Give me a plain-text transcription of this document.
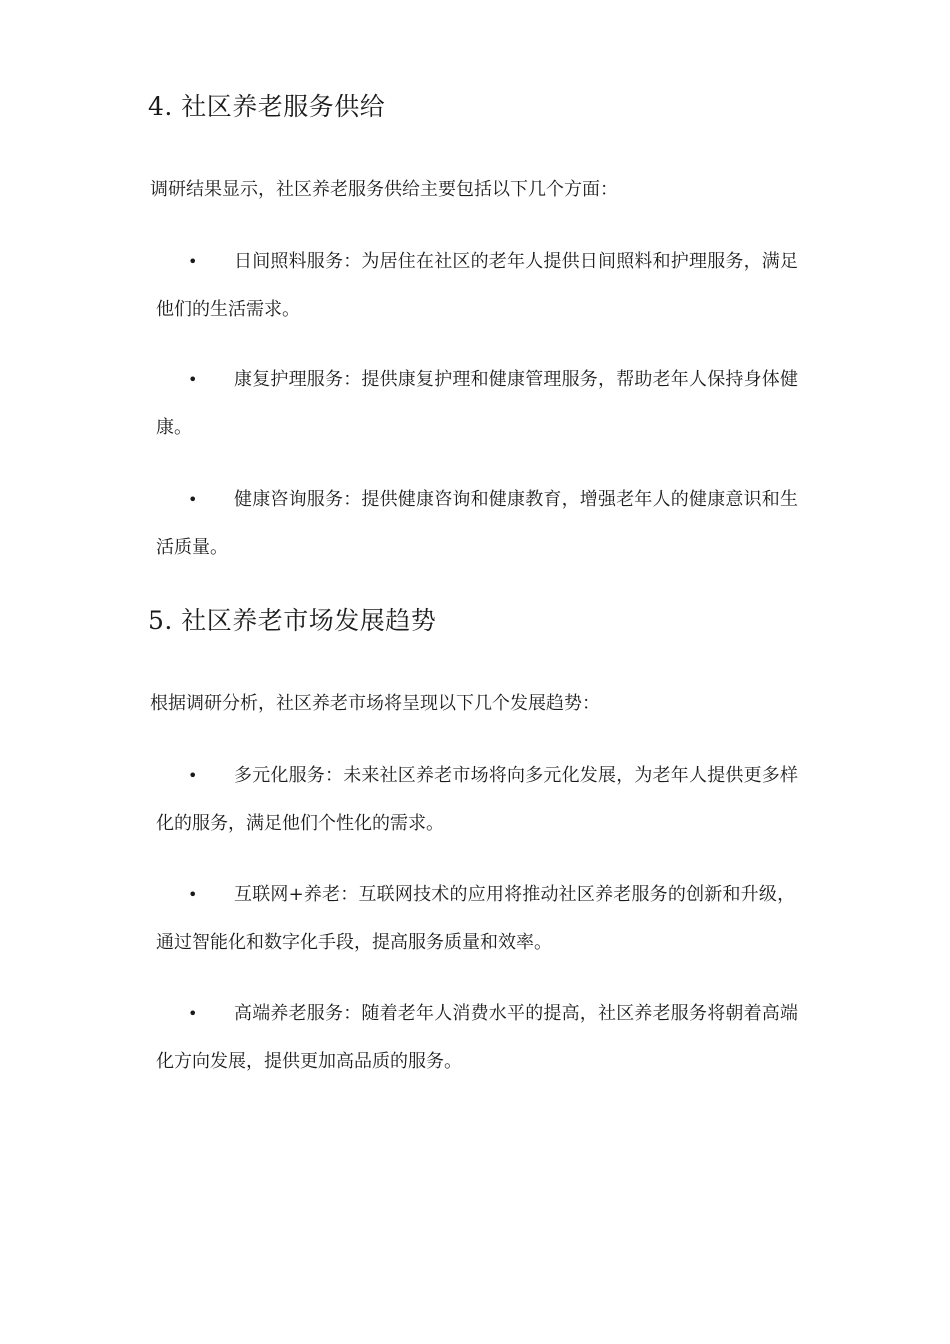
4. 社区养老服务供给
调研结果显示，社区养老服务供给主要包括以下几个方面：
• 日间照料服务：为居住在社区的老年人提供日间照料和护理服务，满足
他们的生活需求。
• 康复护理服务：提供康复护理和健康管理服务，帮助老年人保持身体健
康。
• 健康咨询服务：提供健康咨询和健康教育，增强老年人的健康意识和生
活质量。
5. 社区养老市场发展趋势
根据调研分析，社区养老市场将呈现以下几个发展趋势：
• 多元化服务：未来社区养老市场将向多元化发展，为老年人提供更多样
化的服务，满足他们个性化的需求。
• 互联网+养老：互联网技术的应用将推动社区养老服务的创新和升级，
通过智能化和数字化手段，提高服务质量和效率。
• 高端养老服务：随着老年人消费水平的提高，社区养老服务将朝着高端
化方向发展，提供更加高品质的服务。
